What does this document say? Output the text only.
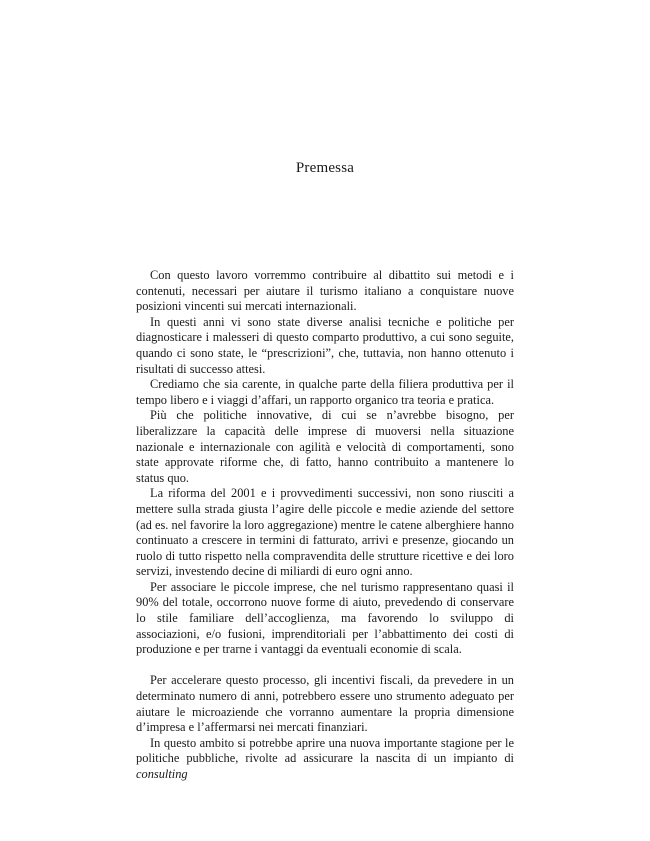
Premessa

Con questo lavoro vorremmo contribuire al dibattito sui metodi e i contenuti, necessari per aiutare il turismo italiano a conquistare nuove posizioni vincenti sui mercati internazionali.

In questi anni vi sono state diverse analisi tecniche e politiche per diagnosticare i malesseri di questo comparto produttivo, a cui sono seguite, quando ci sono state, le “prescrizioni”, che, tuttavia, non hanno ottenuto i risultati di successo attesi.

Crediamo che sia carente, in qualche parte della filiera produttiva per il tempo libero e i viaggi d’affari, un rapporto organico tra teoria e pratica.

Più che politiche innovative, di cui se n’avrebbe bisogno, per liberalizzare la capacità delle imprese di muoversi nella situazione nazionale e internazionale con agilità e velocità di comportamenti, sono state approvate riforme che, di fatto, hanno contribuito a mantenere lo status quo.

La riforma del 2001 e i provvedimenti successivi, non sono riusciti a mettere sulla strada giusta l’agire delle piccole e medie aziende del settore (ad es. nel favorire la loro aggregazione) mentre le catene alberghiere hanno continuato a crescere in termini di fatturato, arrivi e presenze, giocando un ruolo di tutto rispetto nella compravendita delle strutture ricettive e dei loro servizi, investendo decine di miliardi di euro ogni anno.

Per associare le piccole imprese, che nel turismo rappresentano quasi il 90% del totale, occorrono nuove forme di aiuto, prevedendo di conservare lo stile familiare dell’accoglienza, ma favorendo lo sviluppo di associazioni, e/o fusioni, imprenditoriali per l’abbattimento dei costi di produzione e per trarne i vantaggi da eventuali economie di scala.

Per accelerare questo processo, gli incentivi fiscali, da prevedere in un determinato numero di anni, potrebbero essere uno strumento adeguato per aiutare le microaziende che vorranno aumentare la propria dimensione d’impresa e l’affermarsi nei mercati finanziari.

In questo ambito si potrebbe aprire una nuova importante stagione per le politiche pubbliche, rivolte ad assicurare la nascita di un impianto di consulting
